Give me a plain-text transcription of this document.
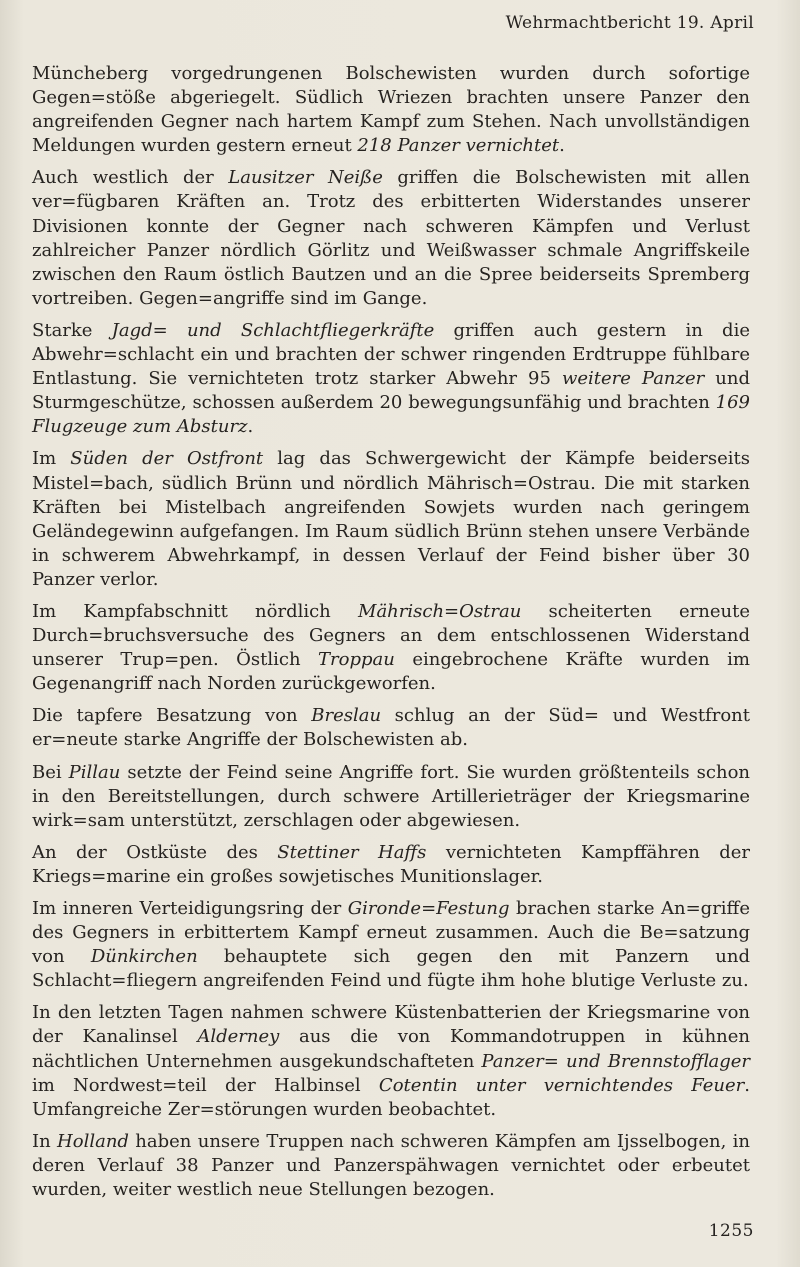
Wehrmachtbericht 19. April

Müncheberg vorgedrungenen Bolschewisten wurden durch sofortige Gegen=stöße abgeriegelt. Südlich Wriezen brachten unsere Panzer den angreifenden Gegner nach hartem Kampf zum Stehen. Nach unvollständigen Meldungen wurden gestern erneut 218 Panzer vernichtet.

Auch westlich der Lausitzer Neiße griffen die Bolschewisten mit allen ver=fügbaren Kräften an. Trotz des erbitterten Widerstandes unserer Divisionen konnte der Gegner nach schweren Kämpfen und Verlust zahlreicher Panzer nördlich Görlitz und Weißwasser schmale Angriffskeile zwischen den Raum östlich Bautzen und an die Spree beiderseits Spremberg vortreiben. Gegen=angriffe sind im Gange.

Starke Jagd= und Schlachtfliegerkräfte griffen auch gestern in die Abwehr=schlacht ein und brachten der schwer ringenden Erdtruppe fühlbare Entlastung. Sie vernichteten trotz starker Abwehr 95 weitere Panzer und Sturmgeschütze, schossen außerdem 20 bewegungsunfähig und brachten 169 Flugzeuge zum Absturz.

Im Süden der Ostfront lag das Schwergewicht der Kämpfe beiderseits Mistel=bach, südlich Brünn und nördlich Mährisch=Ostrau. Die mit starken Kräften bei Mistelbach angreifenden Sowjets wurden nach geringem Geländegewinn aufgefangen. Im Raum südlich Brünn stehen unsere Verbände in schwerem Abwehrkampf, in dessen Verlauf der Feind bisher über 30 Panzer verlor.

Im Kampfabschnitt nördlich Mährisch=Ostrau scheiterten erneute Durch=bruchsversuche des Gegners an dem entschlossenen Widerstand unserer Trup=pen. Östlich Troppau eingebrochene Kräfte wurden im Gegenangriff nach Norden zurückgeworfen.

Die tapfere Besatzung von Breslau schlug an der Süd= und Westfront er=neute starke Angriffe der Bolschewisten ab.

Bei Pillau setzte der Feind seine Angriffe fort. Sie wurden größtenteils schon in den Bereitstellungen, durch schwere Artillerieträger der Kriegsmarine wirk=sam unterstützt, zerschlagen oder abgewiesen.

An der Ostküste des Stettiner Haffs vernichteten Kampffähren der Kriegs=marine ein großes sowjetisches Munitionslager.

Im inneren Verteidigungsring der Gironde=Festung brachen starke An=griffe des Gegners in erbittertem Kampf erneut zusammen. Auch die Be=satzung von Dünkirchen behauptete sich gegen den mit Panzern und Schlacht=fliegern angreifenden Feind und fügte ihm hohe blutige Verluste zu.

In den letzten Tagen nahmen schwere Küstenbatterien der Kriegsmarine von der Kanalinsel Alderney aus die von Kommandotruppen in kühnen nächtlichen Unternehmen ausgekundschafteten Panzer= und Brennstofflager im Nordwest=teil der Halbinsel Cotentin unter vernichtendes Feuer. Umfangreiche Zer=störungen wurden beobachtet.

In Holland haben unsere Truppen nach schweren Kämpfen am Ijsselbogen, in deren Verlauf 38 Panzer und Panzerspähwagen vernichtet oder erbeutet wurden, weiter westlich neue Stellungen bezogen.

1255
